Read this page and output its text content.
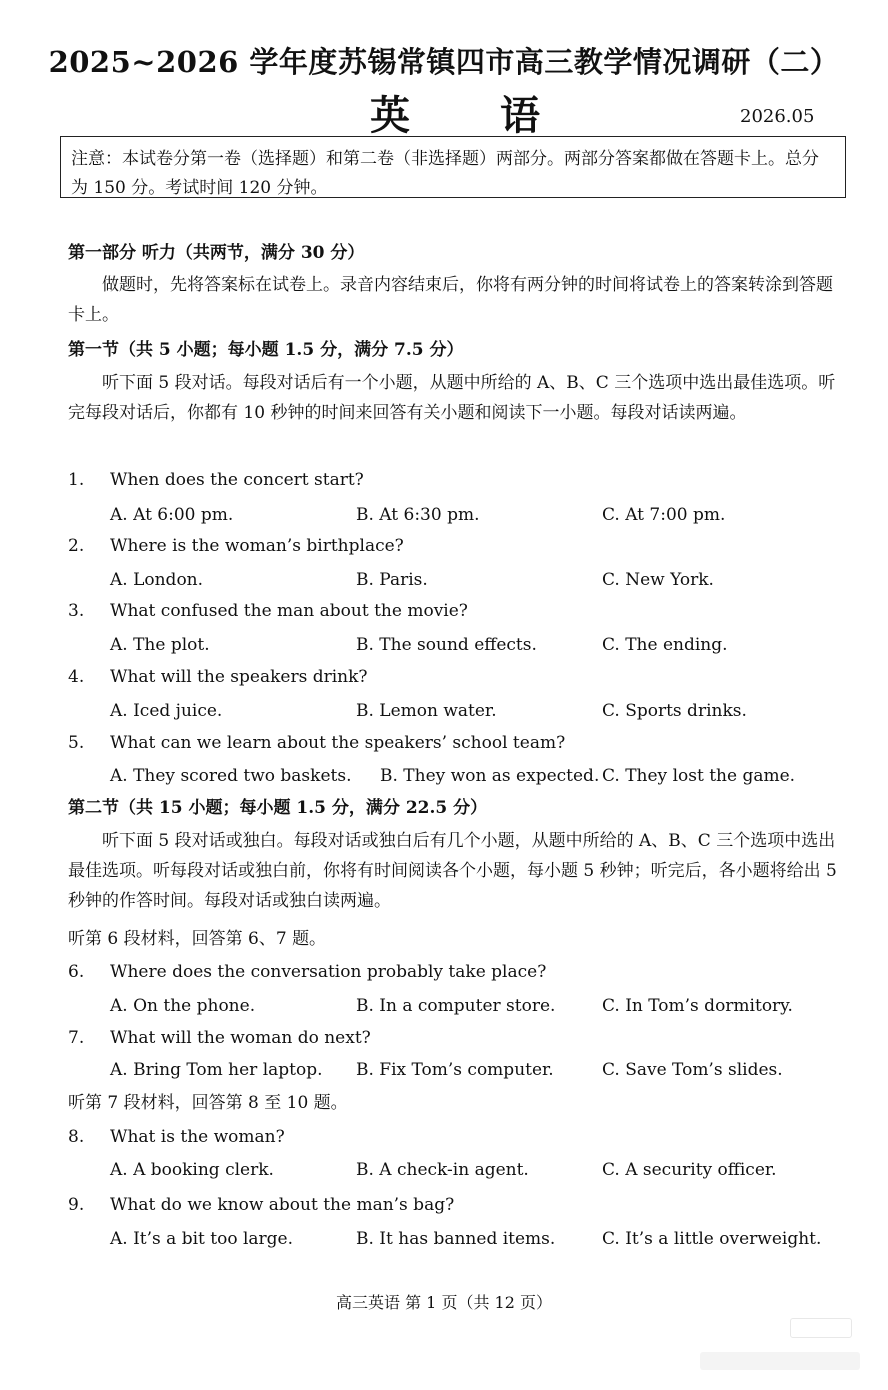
2025~2026 学年度苏锡常镇四市高三教学情况调研（二）
英语	2026.05
注意：本试卷分第一卷（选择题）和第二卷（非选择题）两部分。两部分答案都做在答题卡上。总分为 150 分。考试时间 120 分钟。
第一部分 听力（共两节，满分 30 分）
做题时，先将答案标在试卷上。录音内容结束后，你将有两分钟的时间将试卷上的答案转涂到答题卡上。
第一节（共 5 小题；每小题 1.5 分，满分 7.5 分）
听下面 5 段对话。每段对话后有一个小题，从题中所给的 A、B、C 三个选项中选出最佳选项。听完每段对话后，你都有 10 秒钟的时间来回答有关小题和阅读下一小题。每段对话读两遍。
1. When does the concert start?
A. At 6:00 pm.	B. At 6:30 pm.	C. At 7:00 pm.
2. Where is the woman’s birthplace?
A. London.	B. Paris.	C. New York.
3. What confused the man about the movie?
A. The plot.	B. The sound effects.	C. The ending.
4. What will the speakers drink?
A. Iced juice.	B. Lemon water.	C. Sports drinks.
5. What can we learn about the speakers’ school team?
A. They scored two baskets. B. They won as expected. C. They lost the game.
第二节（共 15 小题；每小题 1.5 分，满分 22.5 分）
听下面 5 段对话或独白。每段对话或独白后有几个小题，从题中所给的 A、B、C 三个选项中选出最佳选项。听每段对话或独白前，你将有时间阅读各个小题，每小题 5 秒钟；听完后，各小题将给出 5 秒钟的作答时间。每段对话或独白读两遍。
听第 6 段材料，回答第 6、7 题。
6. Where does the conversation probably take place?
A. On the phone.	B. In a computer store.	C. In Tom’s dormitory.
7. What will the woman do next?
A. Bring Tom her laptop. B. Fix Tom’s computer.	C. Save Tom’s slides.
听第 7 段材料，回答第 8 至 10 题。
8. What is the woman?
A. A booking clerk.	B. A check-in agent.	C. A security officer.
9. What do we know about the man’s bag?
A. It’s a bit too large.	B. It has banned items.	C. It’s a little overweight.
高三英语 第 1 页（共 12 页）
